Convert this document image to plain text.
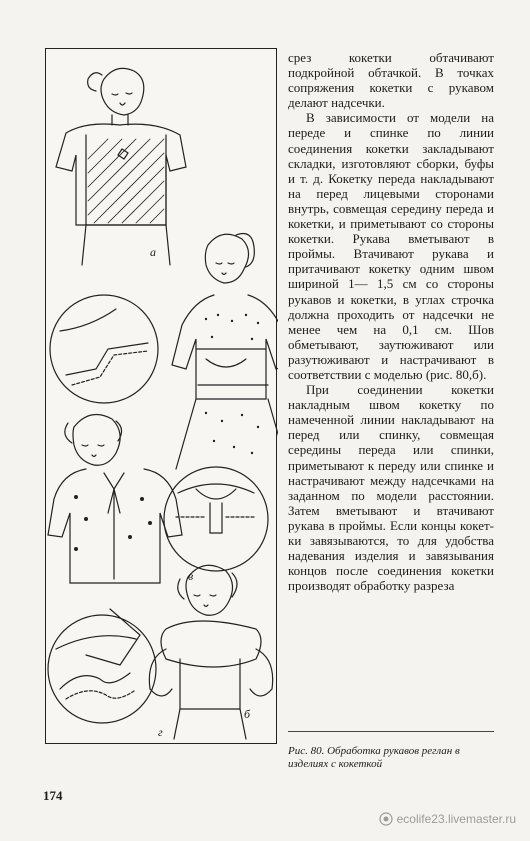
а
в
б
г

срез кокетки обтачивают подкройной обтачкой. В точках сопряжения кокетки с рукавом делают надсечки.

В зависимости от модели на переде и спинке по линии соединения кокетки закладывают складки, изготовляют сборки, буфы и т. д. Кокетку переда накладывают на перед лицевыми сторонами внутрь, совмещая середину переда и кокетки, и приметывают со стороны кокетки. Рукава вметывают в проймы. Втачивают рукава и притачивают кокетку одним швом шириной 1— 1,5 см со стороны рукавов и кокетки, в углах строчка должна проходить от надсечки не менее чем на 0,1 см. Шов обметывают, заутюживают или разутюживают и настрачивают в соответствии с моделью (рис. 80,б).

При соединении кокетки накладным швом кокетку по намеченной линии накладывают на перед или спинку, совмещая середины переда или спинки, приметывают к переду или спинке и настрачивают между надсечками на заданном по модели расстоянии. Затем вметывают и втачивают рукава в проймы. Если концы кокетки завязываются, то для удобства надевания изделия и завязывания концов после соединения кокетки производят обработку разреза

Рис. 80. Обработка рукавов реглан в изделиях с кокеткой
174
ecolife23.livemaster.ru
